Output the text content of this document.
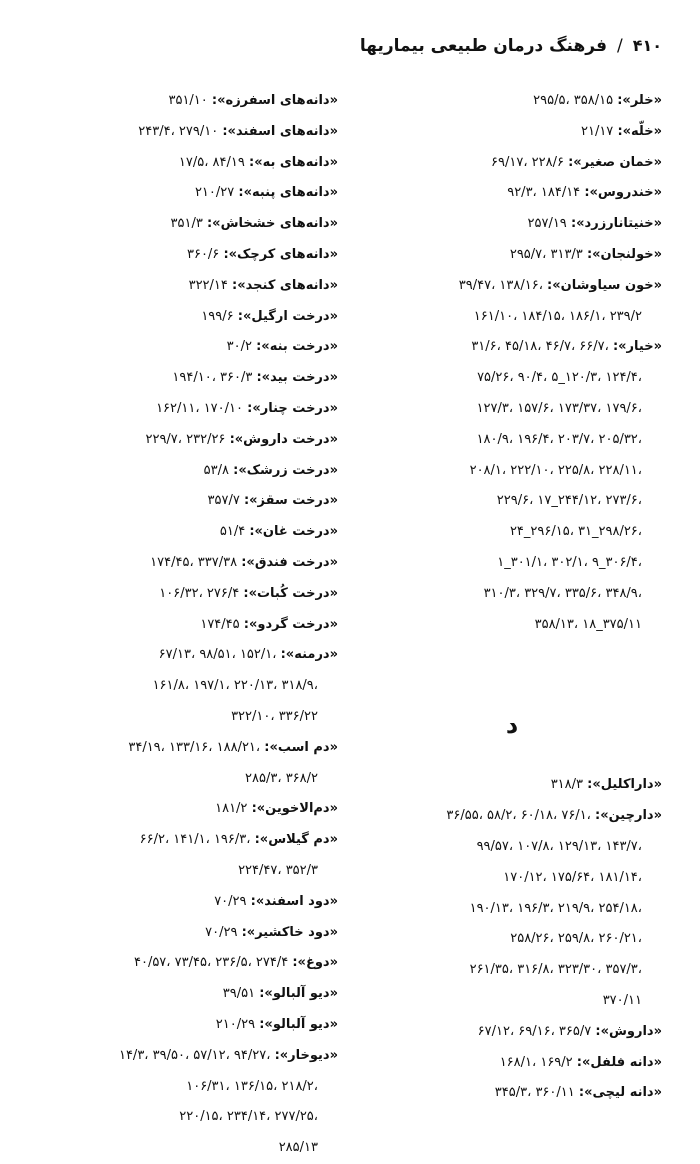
۴۱۰/فرهنگ درمان طبیعی بیماریها
«خلر»: ۳۵۸/۱۵ ،۲۹۵/۵
«خلّه»: ۲۱/۱۷
«خمان صغیر»: ۲۲۸/۶ ،۶۹/۱۷
«خندروس»: ۱۸۴/۱۴ ،۹۲/۳
«خنیتانارزرد»: ۲۵۷/۱۹
«خولنجان»: ۳۱۳/۳ ،۲۹۵/۷
«خون سیاوشان»: ،۱۳۸/۱۶ ،۳۹/۴۷
۲۳۹/۲ ،۱۸۶/۱ ،۱۸۴/۱۵ ،۱۶۱/۱۰
«خیار»: ،۶۶/۷ ،۴۶/۷ ،۴۵/۱۸ ،۳۱/۶
،۱۲۴/۴ ،۱۲۰/۳_۵ ،۹۰/۴ ،۷۵/۲۶
،۱۷۹/۶ ،۱۷۳/۳۷ ،۱۵۷/۶ ،۱۲۷/۳
،۲۰۵/۳۲ ،۲۰۳/۷ ،۱۹۶/۴ ،۱۸۰/۹
،۲۲۸/۱۱ ،۲۲۵/۸ ،۲۲۲/۱۰ ،۲۰۸/۱
،۲۷۳/۶ ،۲۴۴/۱۲_۱۷ ،۲۲۹/۶
،۲۹۸/۲۶_۳۱ ،۲۹۶/۱۵_۲۴
،۳۰۶/۴_۹ ،۳۰۲/۱ ،۳۰۱/۱_۱
،۳۴۸/۹ ،۳۳۵/۶ ،۳۲۹/۷ ،۳۱۰/۳
۳۷۵/۱۱_۱۸ ،۳۵۸/۱۳
د
«داراکلیل»: ۳۱۸/۳
«دارچین»: ،۷۶/۱ ،۶۰/۱۸ ،۵۸/۲ ،۳۶/۵۵
،۱۴۳/۷ ،۱۲۹/۱۳ ،۱۰۷/۸ ،۹۹/۵۷
،۱۸۱/۱۴ ،۱۷۵/۶۴ ،۱۷۰/۱۲
،۲۵۴/۱۸ ،۲۱۹/۹ ،۱۹۶/۳ ،۱۹۰/۱۳
،۲۶۰/۲۱ ،۲۵۹/۸ ،۲۵۸/۲۶
،۳۵۷/۳ ،۳۲۳/۳۰ ،۳۱۶/۸ ،۲۶۱/۳۵
۳۷۰/۱۱
«داروش»: ۳۶۵/۷ ،۶۹/۱۶ ،۶۷/۱۲
«دانه فلفل»: ۱۶۹/۲ ،۱۶۸/۱
«دانه لیچی»: ۳۶۰/۱۱ ،۳۴۵/۳
«دانه‌های اسفرزه»: ۳۵۱/۱۰
«دانه‌های اسفند»: ۲۷۹/۱۰ ،۲۴۳/۴
«دانه‌های به»: ۸۴/۱۹ ،۱۷/۵
«دانه‌های پنبه»: ۲۱۰/۲۷
«دانه‌های خشخاش»: ۳۵۱/۳
«دانه‌های کرچک»: ۳۶۰/۶
«دانه‌های کنجد»: ۳۲۲/۱۴
«درخت ارگیل»: ۱۹۹/۶
«درخت بنه»: ۳۰/۲
«درخت بید»: ۳۶۰/۳ ،۱۹۴/۱۰
«درخت چنار»: ۱۷۰/۱۰ ،۱۶۲/۱۱
«درخت داروش»: ۲۳۲/۲۶ ،۲۲۹/۷
«درخت زرشک»: ۵۳/۸
«درخت سقز»: ۳۵۷/۷
«درخت غان»: ۵۱/۴
«درخت فندق»: ۳۳۷/۳۸ ،۱۷۴/۴۵
«درخت کُبات»: ۲۷۶/۴ ،۱۰۶/۳۲
«درخت گردو»: ۱۷۴/۴۵
«درمنه»: ،۱۵۲/۱ ،۹۸/۵۱ ،۶۷/۱۳
،۳۱۸/۹ ،۲۲۰/۱۳ ،۱۹۷/۱ ،۱۶۱/۸
۳۳۶/۲۲ ،۳۲۲/۱۰
«دم اسب»: ،۱۸۸/۲۱ ،۱۳۳/۱۶ ،۳۴/۱۹
۳۶۸/۲ ،۲۸۵/۳
«دم‌الاخوین»: ۱۸۱/۲
«دم گیلاس»: ،۱۹۶/۳ ،۱۴۱/۱ ،۶۶/۲
۳۵۲/۳ ،۲۲۴/۴۷
«دود اسفند»: ۷۰/۲۹
«دود خاکشیر»: ۷۰/۲۹
«دوغ»: ۲۷۴/۴ ،۲۳۶/۵ ،۷۳/۴۵ ،۴۰/۵۷
«دیو آلبالو»: ۳۹/۵۱
«دیو آلبالو»: ۲۱۰/۲۹
«دیوخار»: ،۹۴/۲۷ ،۵۷/۱۲ ،۳۹/۵۰ ،۱۴/۳
،۲۱۸/۲ ،۱۳۶/۱۵ ،۱۰۶/۳۱
،۲۷۷/۲۵ ،۲۳۴/۱۴ ،۲۲۰/۱۵
۲۸۵/۱۳
